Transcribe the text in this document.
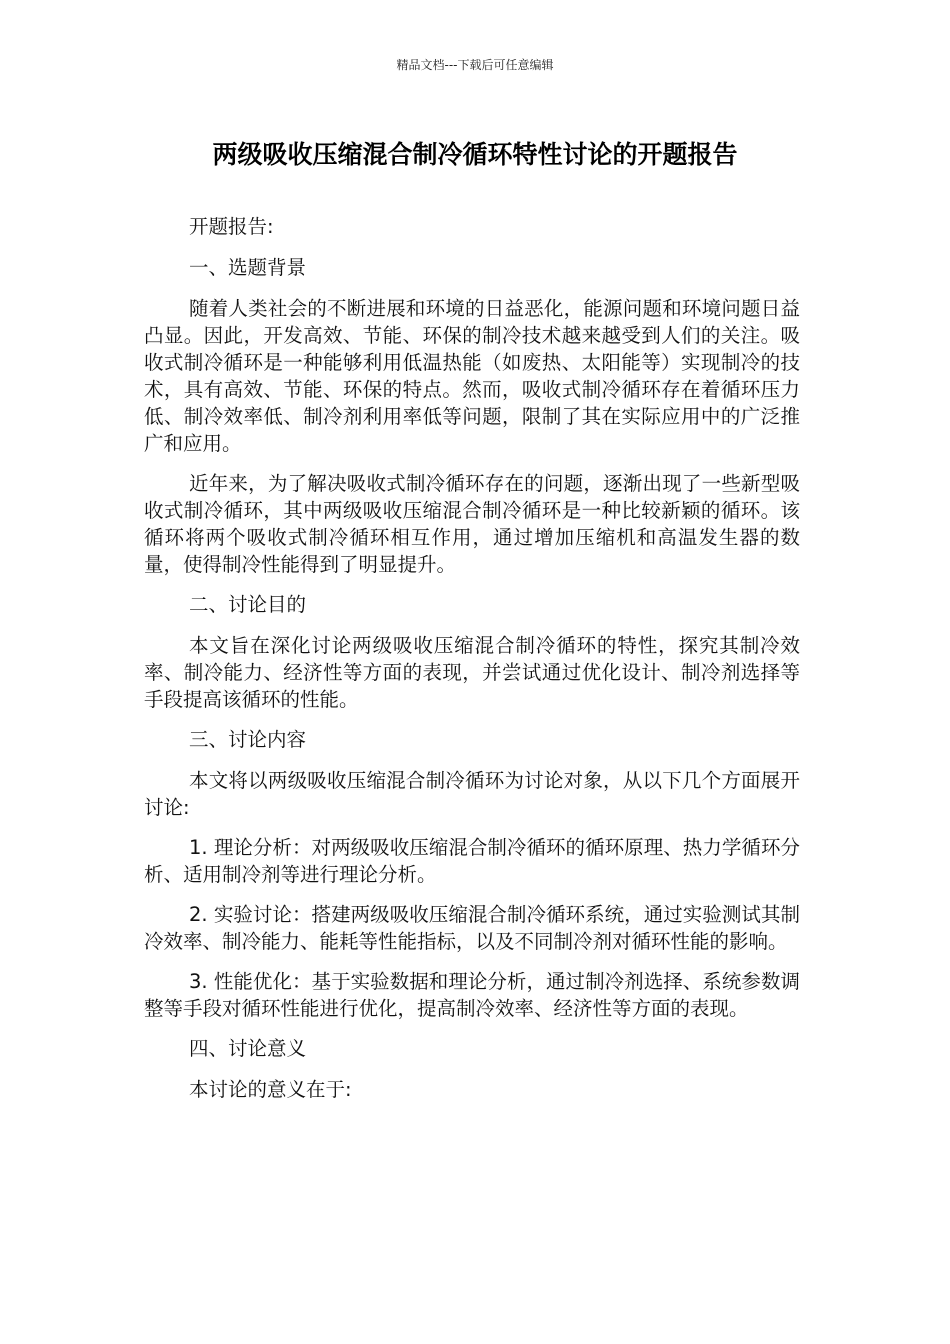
精品文档---下载后可任意编辑
两级吸收压缩混合制冷循环特性讨论的开题报告

开题报告:

一、选题背景

随着人类社会的不断进展和环境的日益恶化，能源问题和环境问题日益凸显。因此，开发高效、节能、环保的制冷技术越来越受到人们的关注。吸收式制冷循环是一种能够利用低温热能（如废热、太阳能等）实现制冷的技术，具有高效、节能、环保的特点。然而，吸收式制冷循环存在着循环压力低、制冷效率低、制冷剂利用率低等问题，限制了其在实际应用中的广泛推广和应用。

近年来，为了解决吸收式制冷循环存在的问题，逐渐出现了一些新型吸收式制冷循环，其中两级吸收压缩混合制冷循环是一种比较新颖的循环。该循环将两个吸收式制冷循环相互作用，通过增加压缩机和高温发生器的数量，使得制冷性能得到了明显提升。

二、讨论目的

本文旨在深化讨论两级吸收压缩混合制冷循环的特性，探究其制冷效率、制冷能力、经济性等方面的表现，并尝试通过优化设计、制冷剂选择等手段提高该循环的性能。

三、讨论内容

本文将以两级吸收压缩混合制冷循环为讨论对象，从以下几个方面展开讨论:

1. 理论分析：对两级吸收压缩混合制冷循环的循环原理、热力学循环分析、适用制冷剂等进行理论分析。

2. 实验讨论：搭建两级吸收压缩混合制冷循环系统，通过实验测试其制冷效率、制冷能力、能耗等性能指标，以及不同制冷剂对循环性能的影响。

3. 性能优化：基于实验数据和理论分析，通过制冷剂选择、系统参数调整等手段对循环性能进行优化，提高制冷效率、经济性等方面的表现。

四、讨论意义

本讨论的意义在于:
